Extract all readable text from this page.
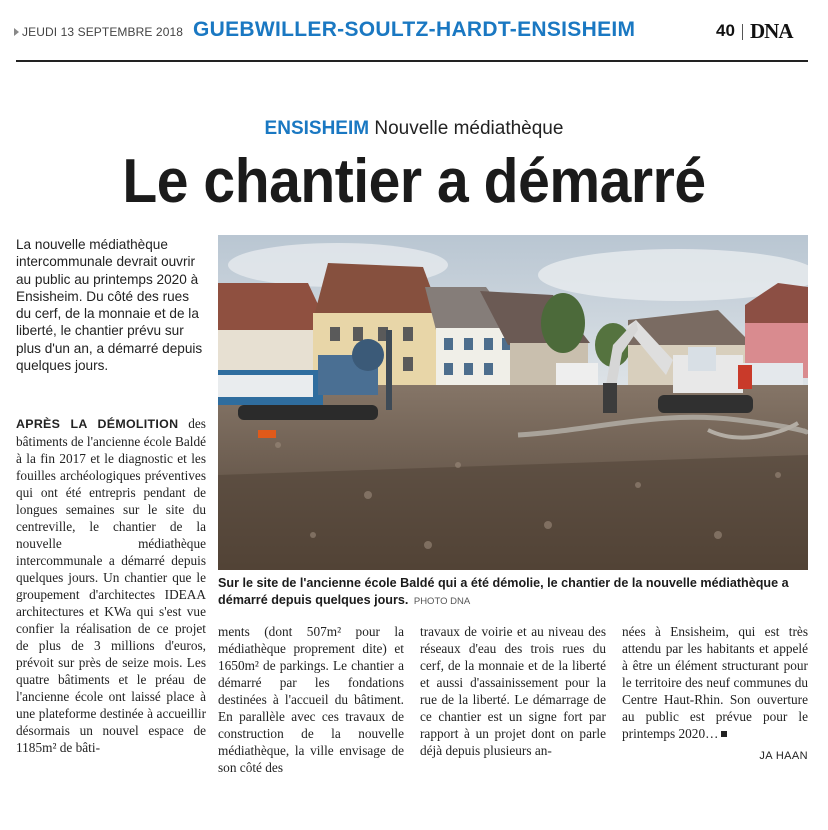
JEUDI 13 SEPTEMBRE 2018 GUEBWILLER-SOULTZ-HARDT-ENSISHEIM	40 DNA
ENSISHEIM Nouvelle médiathèque
Le chantier a démarré
La nouvelle médiathèque intercommunale devrait ouvrir au public au printemps 2020 à Ensisheim. Du côté des rues du cerf, de la monnaie et de la liberté, le chantier prévu sur plus d'un an, a démarré depuis quelques jours.
Sur le site de l'ancienne école Baldé qui a été démolie, le chantier de la nouvelle médiathèque a démarré depuis quelques jours. PHOTO DNA
APRÈS LA DÉMOLITION des bâtiments de l'ancienne école Baldé à la fin 2017 et le diagnostic et les fouilles archéologiques préventives qui ont été entrepris pendant de longues semaines sur le site du centreville, le chantier de la nouvelle médiathèque intercommunale a démarré depuis quelques jours. Un chantier que le groupement d'architectes IDEAA architectures et KWa qui s'est vue confier la réalisation de ce projet de plus de 3 millions d'euros, prévoit sur près de seize mois. Les quatre bâtiments et le préau de l'ancienne école ont laissé place à une plateforme destinée à accueillir désormais un nouvel espace de 1185m² de bâti-
ments (dont 507m² pour la médiathèque proprement dite) et 1650m² de parkings. Le chantier a démarré par les fondations destinées à l'accueil du bâtiment. En parallèle avec ces travaux de construction de la nouvelle médiathèque, la ville envisage de son côté des
travaux de voirie et au niveau des réseaux d'eau des trois rues du cerf, de la monnaie et de la liberté et aussi d'assainissement pour la rue de la liberté. Le démarrage de ce chantier est un signe fort par rapport à un projet dont on parle déjà depuis plusieurs an-
nées à Ensisheim, qui est très attendu par les habitants et appelé à être un élément structurant pour le territoire des neuf communes du Centre Haut-Rhin. Son ouverture au public est prévue pour le printemps 2020…
JA HAAN
